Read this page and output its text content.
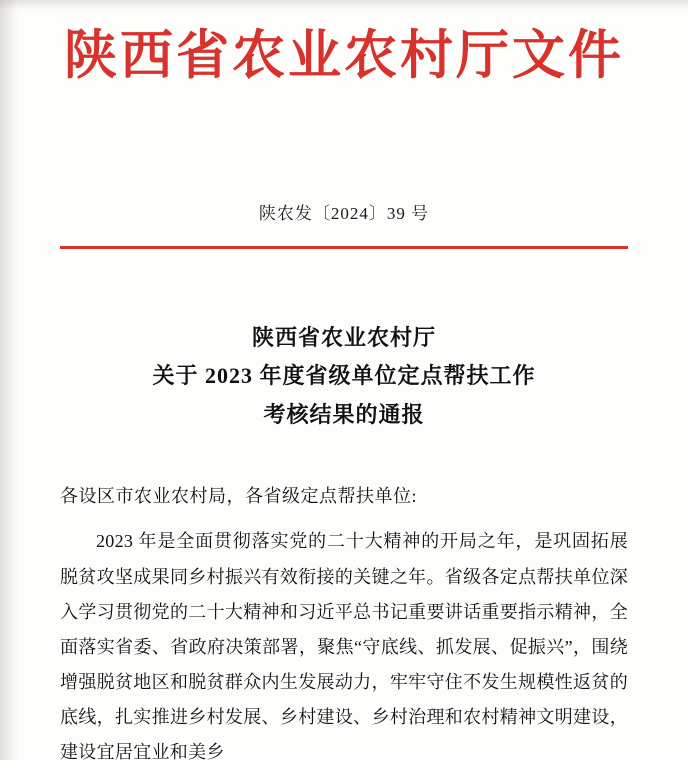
陕西省农业农村厅文件
陕农发〔2024〕39 号
陕西省农业农村厅
关于 2023 年度省级单位定点帮扶工作
考核结果的通报
各设区市农业农村局，各省级定点帮扶单位:
2023 年是全面贯彻落实党的二十大精神的开局之年，是巩固拓展脱贫攻坚成果同乡村振兴有效衔接的关键之年。省级各定点帮扶单位深入学习贯彻党的二十大精神和习近平总书记重要讲话重要指示精神，全面落实省委、省政府决策部署，聚焦“守底线、抓发展、促振兴”，围绕增强脱贫地区和脱贫群众内生发展动力，牢牢守住不发生规模性返贫的底线，扎实推进乡村发展、乡村建设、乡村治理和农村精神文明建设，建设宜居宜业和美乡
